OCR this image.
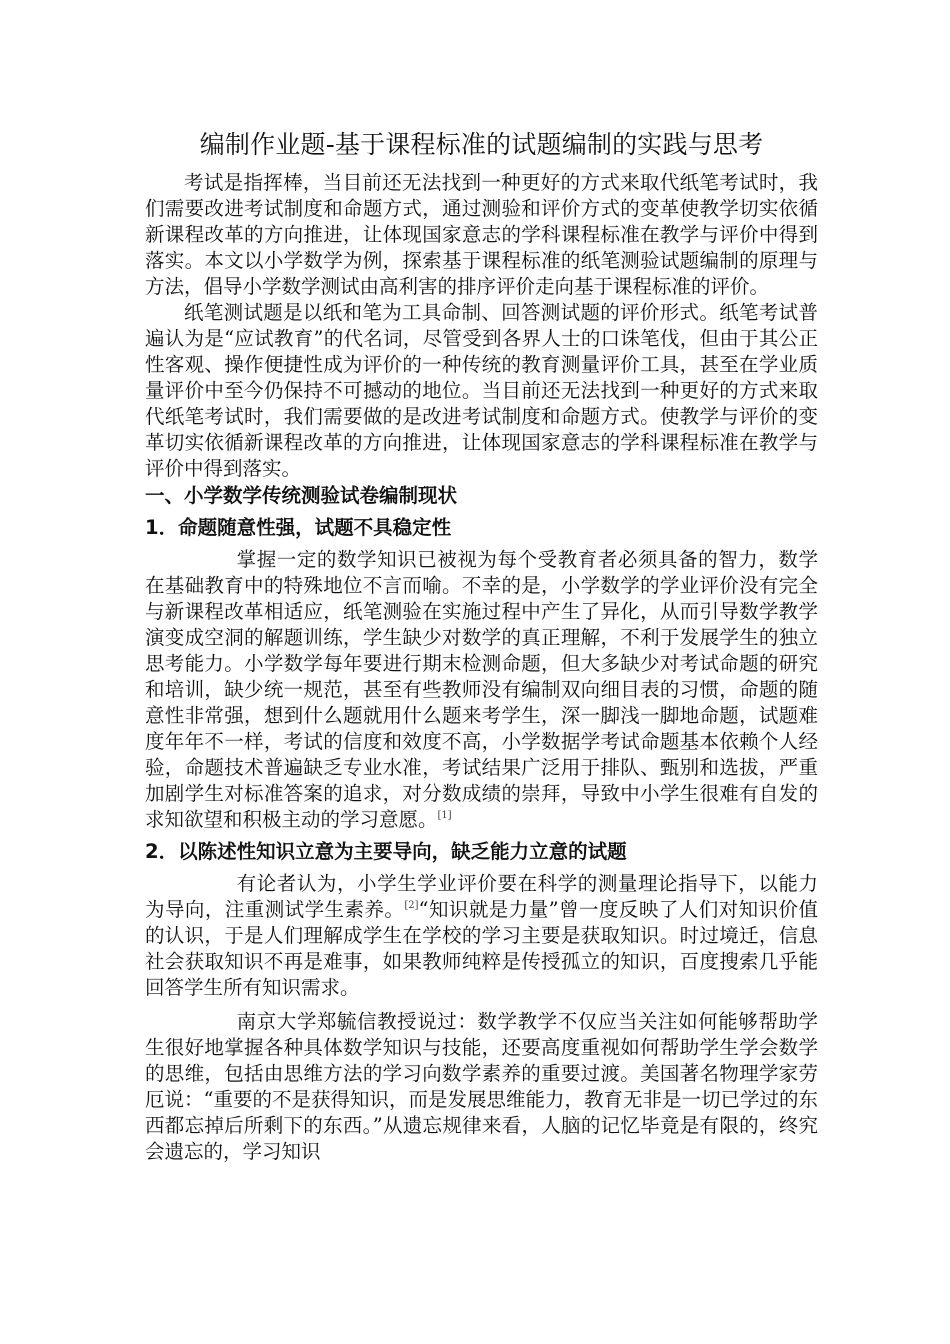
编制作业题-基于课程标准的试题编制的实践与思考

考试是指挥棒，当目前还无法找到一种更好的方式来取代纸笔考试时，我们需要改进考试制度和命题方式，通过测验和评价方式的变革使教学切实依循新课程改革的方向推进，让体现国家意志的学科课程标准在教学与评价中得到落实。本文以小学数学为例，探索基于课程标准的纸笔测验试题编制的原理与方法，倡导小学数学测试由高利害的排序评价走向基于课程标准的评价。

纸笔测试题是以纸和笔为工具命制、回答测试题的评价形式。纸笔考试普遍认为是“应试教育”的代名词，尽管受到各界人士的口诛笔伐，但由于其公正性客观、操作便捷性成为评价的一种传统的教育测量评价工具，甚至在学业质量评价中至今仍保持不可撼动的地位。当目前还无法找到一种更好的方式来取代纸笔考试时，我们需要做的是改进考试制度和命题方式。使教学与评价的变革切实依循新课程改革的方向推进，让体现国家意志的学科课程标准在教学与评价中得到落实。

一、小学数学传统测验试卷编制现状
1．命题随意性强，试题不具稳定性

掌握一定的数学知识已被视为每个受教育者必须具备的智力，数学在基础教育中的特殊地位不言而喻。不幸的是，小学数学的学业评价没有完全与新课程改革相适应，纸笔测验在实施过程中产生了异化，从而引导数学教学演变成空洞的解题训练，学生缺少对数学的真正理解，不利于发展学生的独立思考能力。小学数学每年要进行期末检测命题，但大多缺少对考试命题的研究和培训，缺少统一规范，甚至有些教师没有编制双向细目表的习惯，命题的随意性非常强，想到什么题就用什么题来考学生，深一脚浅一脚地命题，试题难度年年不一样，考试的信度和效度不高，小学数据学考试命题基本依赖个人经验，命题技术普遍缺乏专业水准，考试结果广泛用于排队、甄别和选拔，严重加剧学生对标准答案的追求，对分数成绩的崇拜，导致中小学生很难有自发的求知欲望和积极主动的学习意愿。[1]

2．以陈述性知识立意为主要导向，缺乏能力立意的试题

有论者认为，小学生学业评价要在科学的测量理论指导下，以能力为导向，注重测试学生素养。[2]“知识就是力量”曾一度反映了人们对知识价值的认识，于是人们理解成学生在学校的学习主要是获取知识。时过境迁，信息社会获取知识不再是难事，如果教师纯粹是传授孤立的知识，百度搜索几乎能回答学生所有知识需求。

南京大学郑毓信教授说过：数学教学不仅应当关注如何能够帮助学生很好地掌握各种具体数学知识与技能，还要高度重视如何帮助学生学会数学的思维，包括由思维方法的学习向数学素养的重要过渡。美国著名物理学家劳厄说：“重要的不是获得知识，而是发展思维能力，教育无非是一切已学过的东西都忘掉后所剩下的东西。”从遗忘规律来看，人脑的记忆毕竟是有限的，终究会遗忘的，学习知识
